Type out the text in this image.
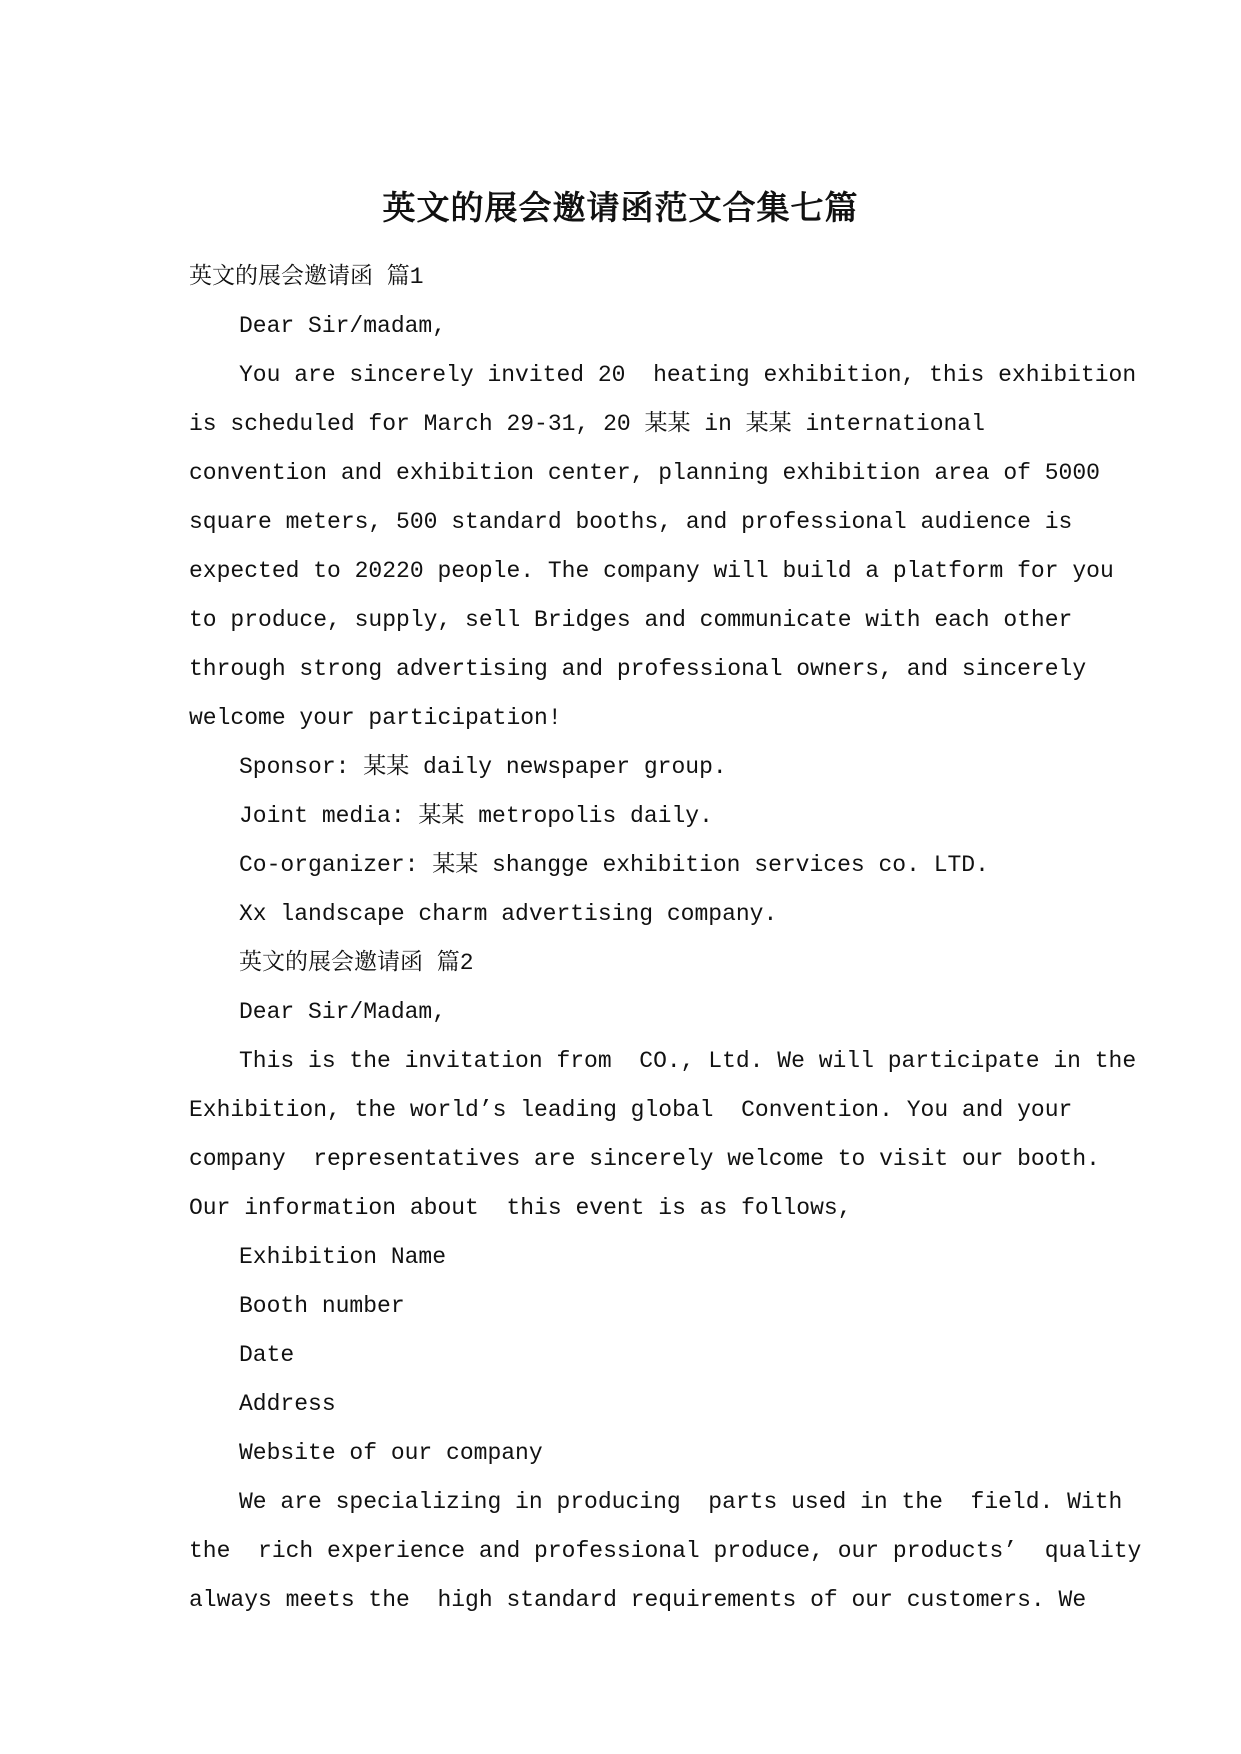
英文的展会邀请函范文合集七篇
英文的展会邀请函 篇1
Dear Sir/madam,
You are sincerely invited 20  heating exhibition, this exhibition
is scheduled for March 29-31, 20 某某 in 某某 international
convention and exhibition center, planning exhibition area of 5000
square meters, 500 standard booths, and professional audience is
expected to 20220 people. The company will build a platform for you
to produce, supply, sell Bridges and communicate with each other
through strong advertising and professional owners, and sincerely
welcome your participation!
Sponsor: 某某 daily newspaper group.
Joint media: 某某 metropolis daily.
Co-organizer: 某某 shangge exhibition services co. LTD.
Xx landscape charm advertising company.
英文的展会邀请函 篇2
Dear Sir/Madam,
This is the invitation from  CO., Ltd. We will participate in the
Exhibition, the world’s leading global  Convention. You and your
company  representatives are sincerely welcome to visit our booth.
Our information about  this event is as follows,
Exhibition Name
Booth number
Date
Address
Website of our company
We are specializing in producing  parts used in the  field. With
the  rich experience and professional produce, our products’  quality
always meets the  high standard requirements of our customers. We
